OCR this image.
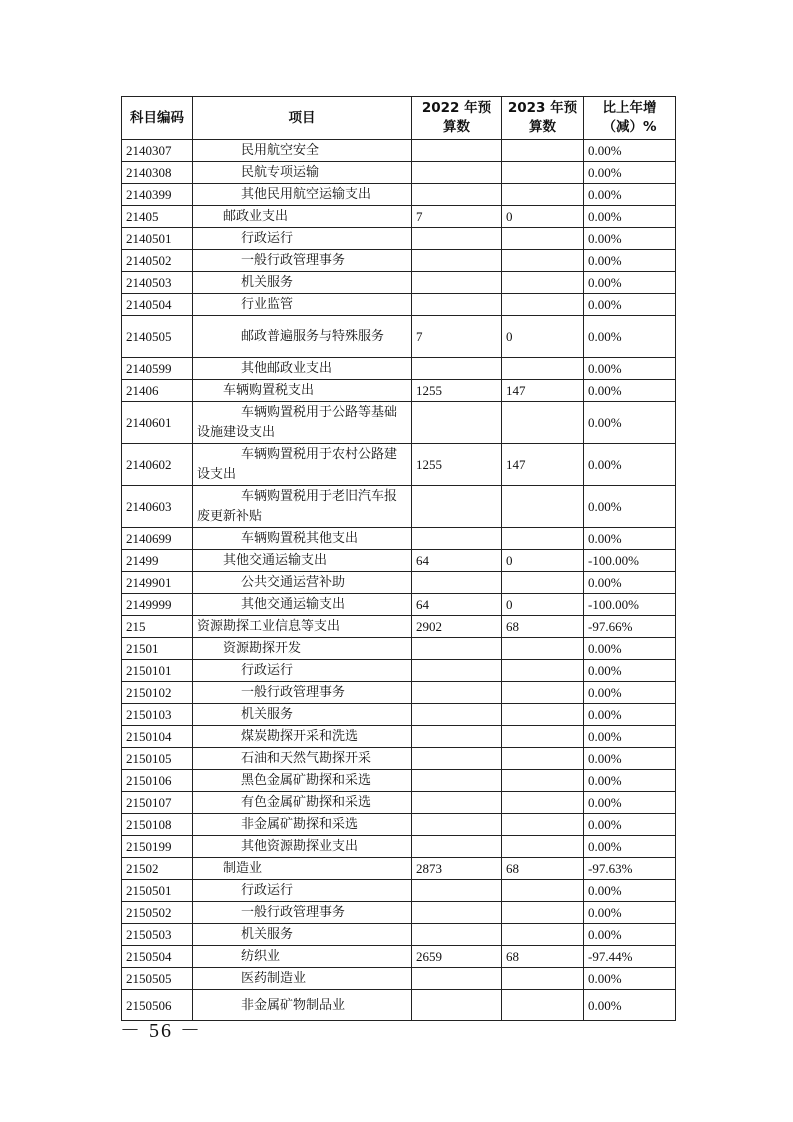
科目编码	项目	2022 年预算数	2023 年预算数	比上年增（减）%
2140307	民用航空安全			0.00%
2140308	民航专项运输			0.00%
2140399	其他民用航空运输支出			0.00%
21405	邮政业支出	7	0	0.00%
2140501	行政运行			0.00%
2140502	一般行政管理事务			0.00%
2140503	机关服务			0.00%
2140504	行业监管			0.00%
2140505	邮政普遍服务与特殊服务	7	0	0.00%
2140599	其他邮政业支出			0.00%
21406	车辆购置税支出	1255	147	0.00%
2140601	车辆购置税用于公路等基础设施建设支出			0.00%
2140602	车辆购置税用于农村公路建设支出	1255	147	0.00%
2140603	车辆购置税用于老旧汽车报废更新补贴			0.00%
2140699	车辆购置税其他支出			0.00%
21499	其他交通运输支出	64	0	-100.00%
2149901	公共交通运营补助			0.00%
2149999	其他交通运输支出	64	0	-100.00%
215	资源勘探工业信息等支出	2902	68	-97.66%
21501	资源勘探开发			0.00%
2150101	行政运行			0.00%
2150102	一般行政管理事务			0.00%
2150103	机关服务			0.00%
2150104	煤炭勘探开采和洗选			0.00%
2150105	石油和天然气勘探开采			0.00%
2150106	黑色金属矿勘探和采选			0.00%
2150107	有色金属矿勘探和采选			0.00%
2150108	非金属矿勘探和采选			0.00%
2150199	其他资源勘探业支出			0.00%
21502	制造业	2873	68	-97.63%
2150501	行政运行			0.00%
2150502	一般行政管理事务			0.00%
2150503	机关服务			0.00%
2150504	纺织业	2659	68	-97.44%
2150505	医药制造业			0.00%
2150506	非金属矿物制品业			0.00%
－ 56 －
